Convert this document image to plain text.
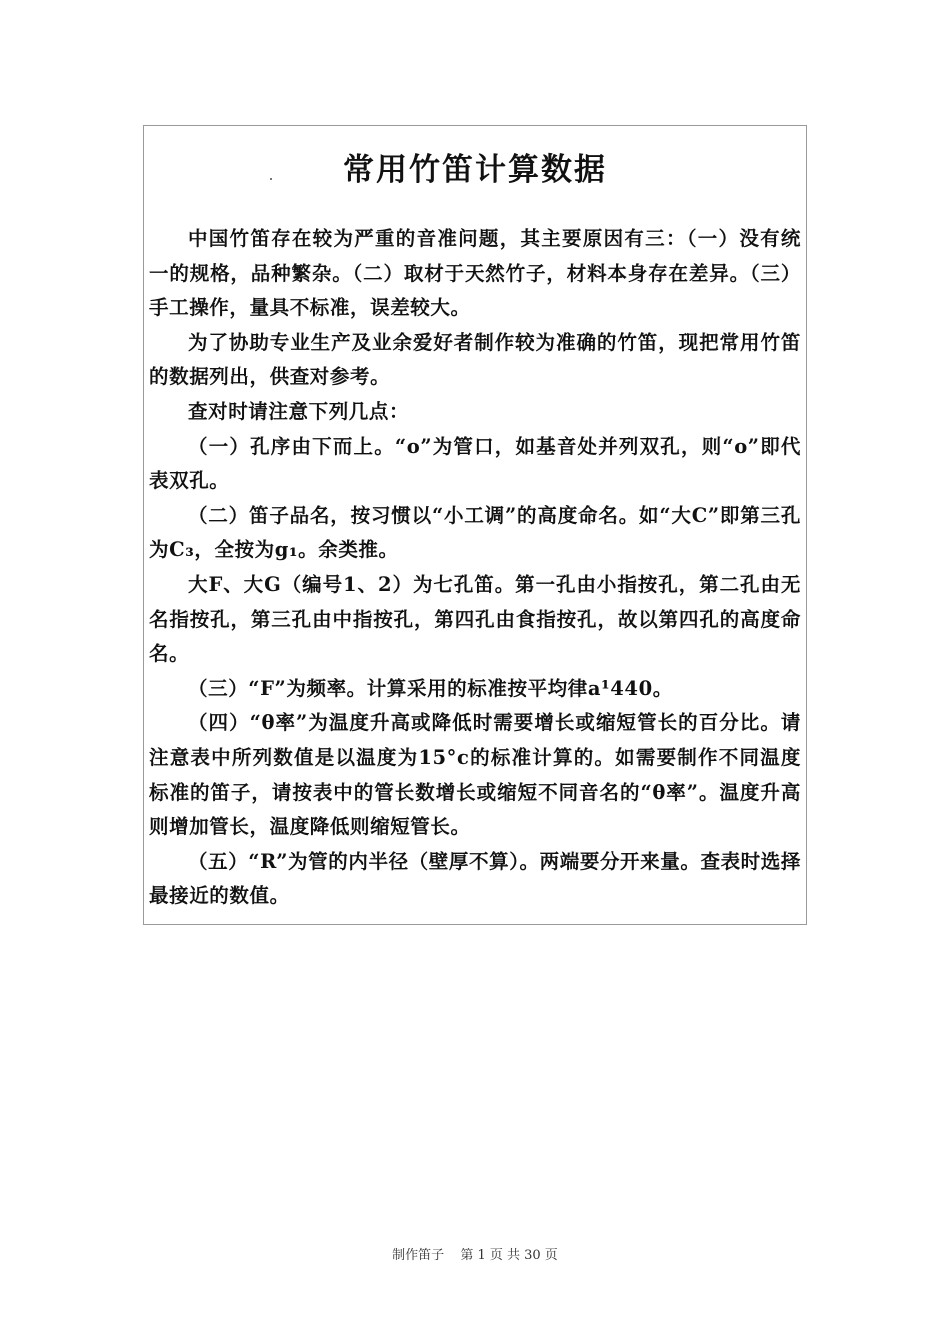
常用竹笛计算数据

中国竹笛存在较为严重的音准问题，其主要原因有三：（一）没有统一的规格，品种繁杂。（二）取材于天然竹子，材料本身存在差异。（三）手工操作，量具不标准，误差较大。

为了协助专业生产及业余爱好者制作较为准确的竹笛，现把常用竹笛的数据列出，供查对参考。

查对时请注意下列几点：

（一）孔序由下而上。“o”为管口，如基音处并列双孔，则“o”即代表双孔。

（二）笛子品名，按习惯以“小工调”的高度命名。如“大C”即第三孔为C₃，全按为g₁。余类推。

大F、大G（编号1、2）为七孔笛。第一孔由小指按孔，第二孔由无名指按孔，第三孔由中指按孔，第四孔由食指按孔，故以第四孔的高度命名。

（三）“F”为频率。计算采用的标准按平均律a¹440。

（四）“θ率”为温度升高或降低时需要增长或缩短管长的百分比。请注意表中所列数值是以温度为15°c的标准计算的。如需要制作不同温度标准的笛子，请按表中的管长数增长或缩短不同音名的“θ率”。温度升高则增加管长，温度降低则缩短管长。

（五）“R”为管的内半径（壁厚不算）。两端要分开来量。查表时选择最接近的数值。

制作笛子 第 1 页 共 30 页
